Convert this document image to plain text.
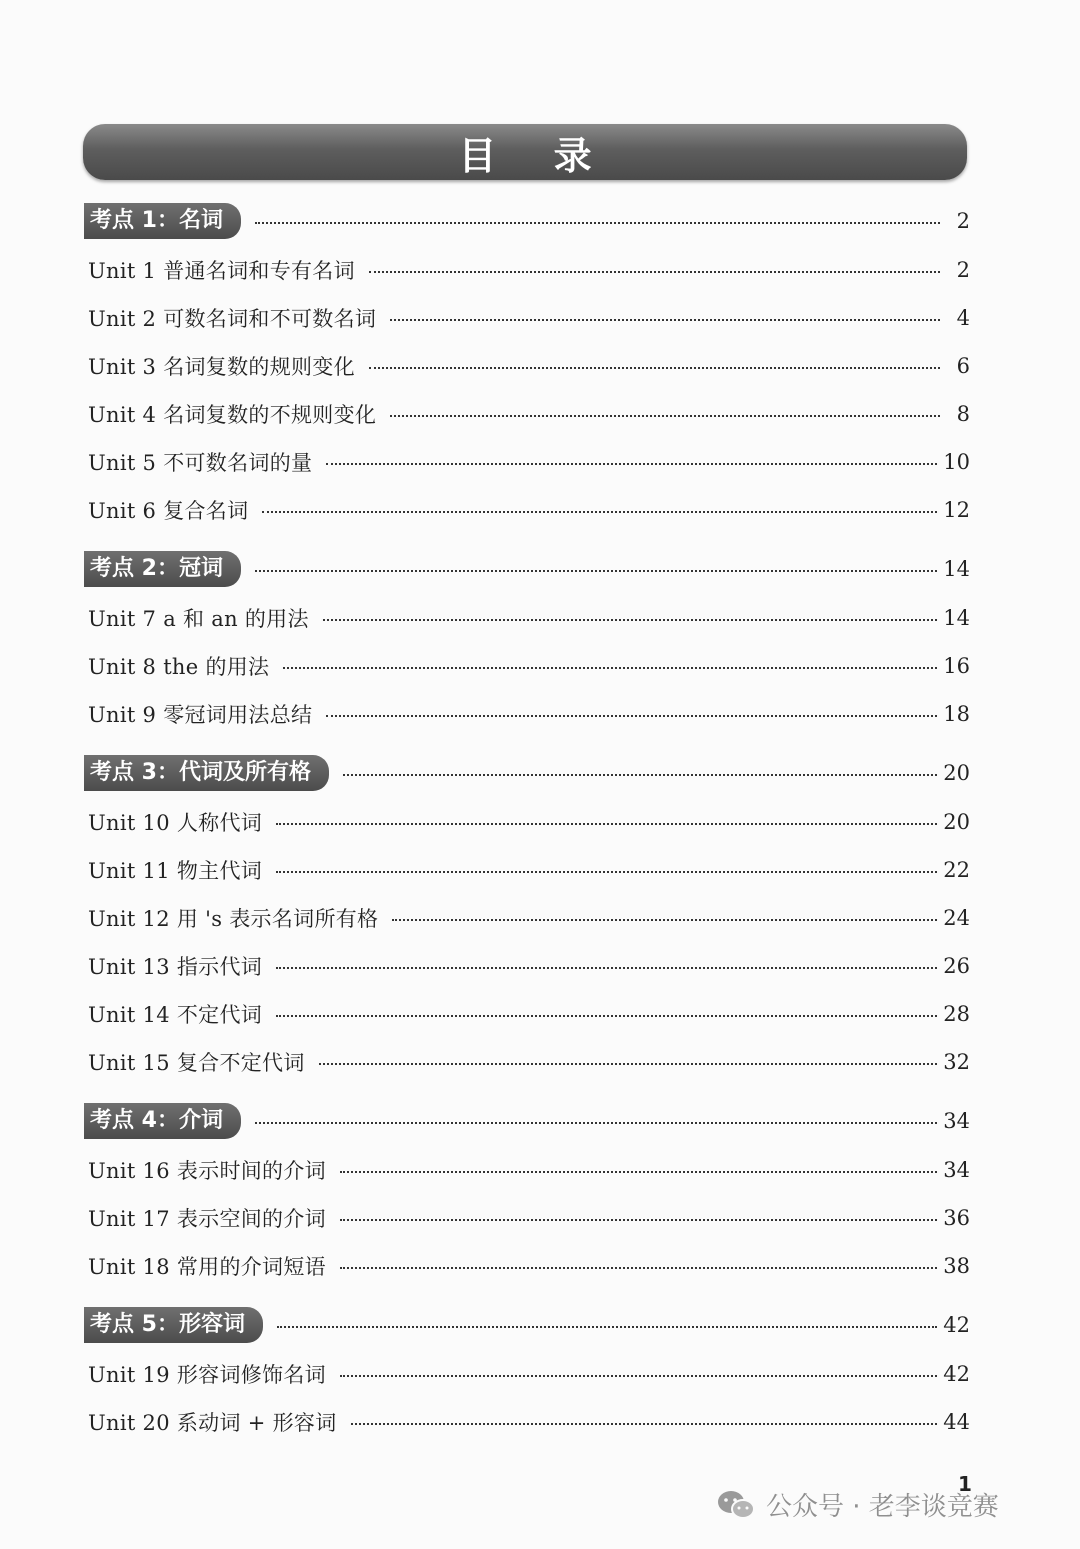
目 录
考点 1：名词	2
Unit 1 普通名词和专有名词	2
Unit 2 可数名词和不可数名词	4
Unit 3 名词复数的规则变化	6
Unit 4 名词复数的不规则变化	8
Unit 5 不可数名词的量	10
Unit 6 复合名词	12
考点 2：冠词	14
Unit 7 a 和 an 的用法	14
Unit 8 the 的用法	16
Unit 9 零冠词用法总结	18
考点 3：代词及所有格	20
Unit 10 人称代词	20
Unit 11 物主代词	22
Unit 12 用 's 表示名词所有格	24
Unit 13 指示代词	26
Unit 14 不定代词	28
Unit 15 复合不定代词	32
考点 4：介词	34
Unit 16 表示时间的介词	34
Unit 17 表示空间的介词	36
Unit 18 常用的介词短语	38
考点 5：形容词	42
Unit 19 形容词修饰名词	42
Unit 20 系动词 + 形容词	44
1
公众号 · 老李谈竞赛
